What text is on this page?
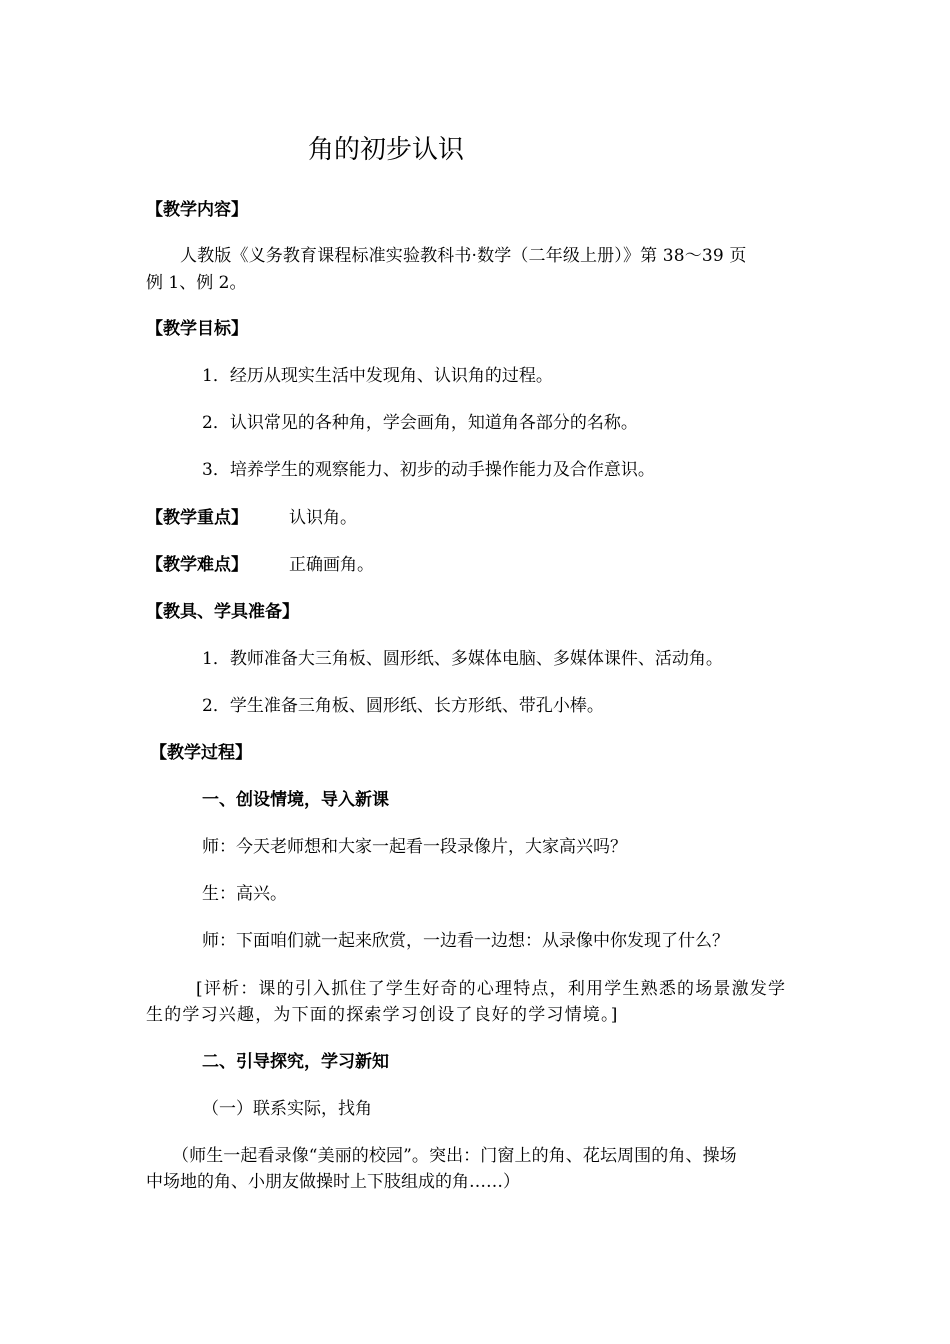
角的初步认识
【教学内容】
人教版《义务教育课程标准实验教科书·数学（二年级上册）》第 38～39 页
例 1、例 2。
【教学目标】
1．经历从现实生活中发现角、认识角的过程。
2．认识常见的各种角，学会画角，知道角各部分的名称。
3．培养学生的观察能力、初步的动手操作能力及合作意识。
【教学重点】 认识角。
【教学难点】 正确画角。
【教具、学具准备】
1．教师准备大三角板、圆形纸、多媒体电脑、多媒体课件、活动角。
2．学生准备三角板、圆形纸、长方形纸、带孔小棒。
【教学过程】
一、创设情境，导入新课
师：今天老师想和大家一起看一段录像片，大家高兴吗？
生：高兴。
师：下面咱们就一起来欣赏，一边看一边想：从录像中你发现了什么？
[评析：课的引入抓住了学生好奇的心理特点，利用学生熟悉的场景激发学
生的学习兴趣，为下面的探索学习创设了良好的学习情境。]
二、引导探究，学习新知
（一）联系实际，找角
（师生一起看录像“美丽的校园”。突出：门窗上的角、花坛周围的角、操场
中场地的角、小朋友做操时上下肢组成的角……）
